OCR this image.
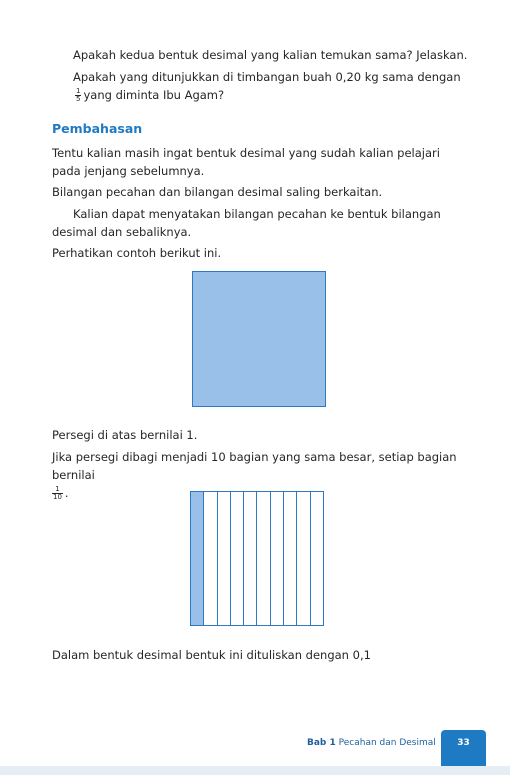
Apakah kedua bentuk desimal yang kalian temukan sama? Jelaskan.

Apakah yang ditunjukkan di timbangan buah 0,20 kg sama dengan
$\frac{1}{5}$ yang diminta Ibu Agam?

Pembahasan

Tentu kalian masih ingat bentuk desimal yang sudah kalian pelajari pada jenjang sebelumnya.

Bilangan pecahan dan bilangan desimal saling berkaitan.

Kalian dapat menyatakan bilangan pecahan ke bentuk bilangan desimal dan sebaliknya.

Perhatikan contoh berikut ini.

Persegi di atas bernilai 1.

Jika persegi dibagi menjadi 10 bagian yang sama besar, setiap bagian bernilai

$\frac{1}{10}$ .

Dalam bentuk desimal bentuk ini dituliskan dengan 0,1

Bab 1 Pecahan dan Desimal	33
